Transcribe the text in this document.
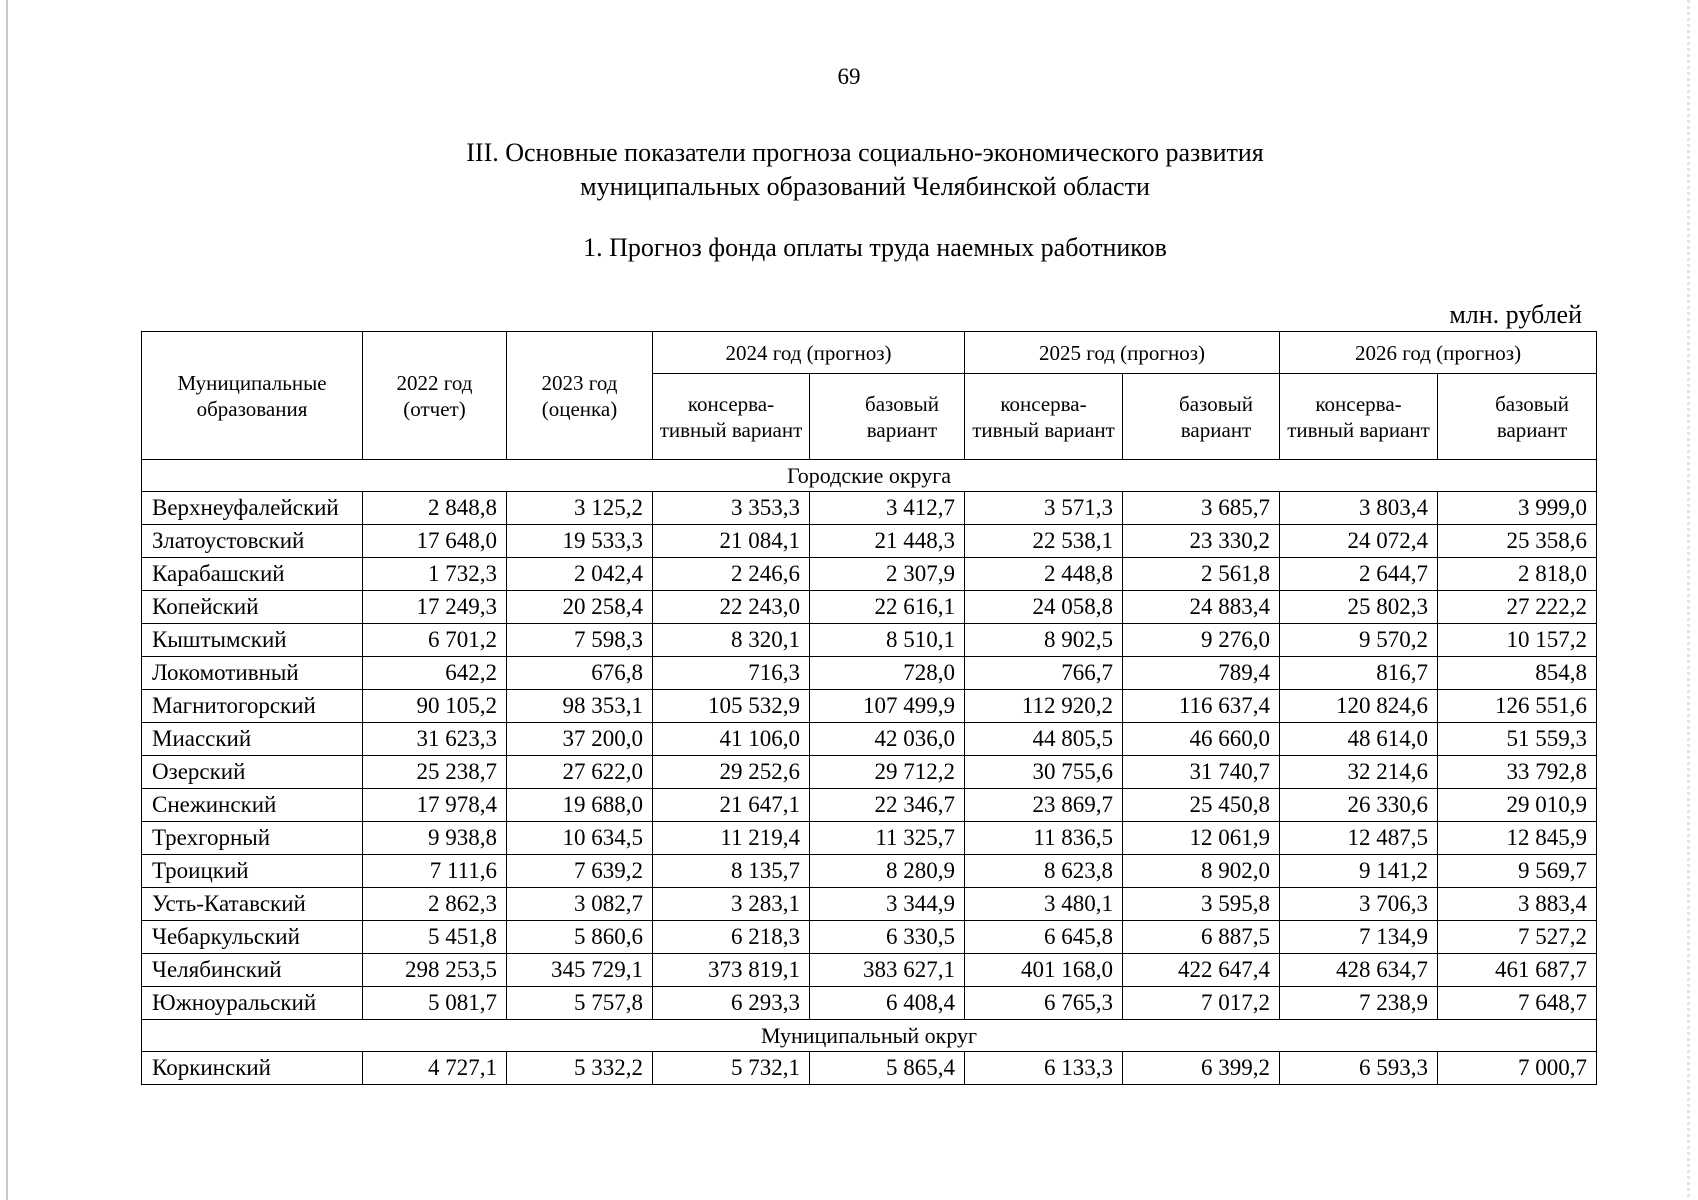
69
III. Основные показатели прогноза социально-экономического развития
муниципальных образований Челябинской области
1. Прогноз фонда оплаты труда наемных работников
млн. рублей
Муниципальные образования	2022 год (отчет)	2023 год (оценка)	2024 год (прогноз)		2025 год (прогноз)		2026 год (прогноз)	
			консерва- тивный вариант	базовый вариант	консерва- тивный вариант	базовый вариант	консерва- тивный вариант	базовый вариант
Городские округа								
Верхнеуфалейский	2 848,8	3 125,2	3 353,3	3 412,7	3 571,3	3 685,7	3 803,4	3 999,0
Златоустовский	17 648,0	19 533,3	21 084,1	21 448,3	22 538,1	23 330,2	24 072,4	25 358,6
Карабашский	1 732,3	2 042,4	2 246,6	2 307,9	2 448,8	2 561,8	2 644,7	2 818,0
Копейский	17 249,3	20 258,4	22 243,0	22 616,1	24 058,8	24 883,4	25 802,3	27 222,2
Кыштымский	6 701,2	7 598,3	8 320,1	8 510,1	8 902,5	9 276,0	9 570,2	10 157,2
Локомотивный	642,2	676,8	716,3	728,0	766,7	789,4	816,7	854,8
Магнитогорский	90 105,2	98 353,1	105 532,9	107 499,9	112 920,2	116 637,4	120 824,6	126 551,6
Миасский	31 623,3	37 200,0	41 106,0	42 036,0	44 805,5	46 660,0	48 614,0	51 559,3
Озерский	25 238,7	27 622,0	29 252,6	29 712,2	30 755,6	31 740,7	32 214,6	33 792,8
Снежинский	17 978,4	19 688,0	21 647,1	22 346,7	23 869,7	25 450,8	26 330,6	29 010,9
Трехгорный	9 938,8	10 634,5	11 219,4	11 325,7	11 836,5	12 061,9	12 487,5	12 845,9
Троицкий	7 111,6	7 639,2	8 135,7	8 280,9	8 623,8	8 902,0	9 141,2	9 569,7
Усть-Катавский	2 862,3	3 082,7	3 283,1	3 344,9	3 480,1	3 595,8	3 706,3	3 883,4
Чебаркульский	5 451,8	5 860,6	6 218,3	6 330,5	6 645,8	6 887,5	7 134,9	7 527,2
Челябинский	298 253,5	345 729,1	373 819,1	383 627,1	401 168,0	422 647,4	428 634,7	461 687,7
Южноуральский	5 081,7	5 757,8	6 293,3	6 408,4	6 765,3	7 017,2	7 238,9	7 648,7
Муниципальный округ								
Коркинский	4 727,1	5 332,2	5 732,1	5 865,4	6 133,3	6 399,2	6 593,3	7 000,7
